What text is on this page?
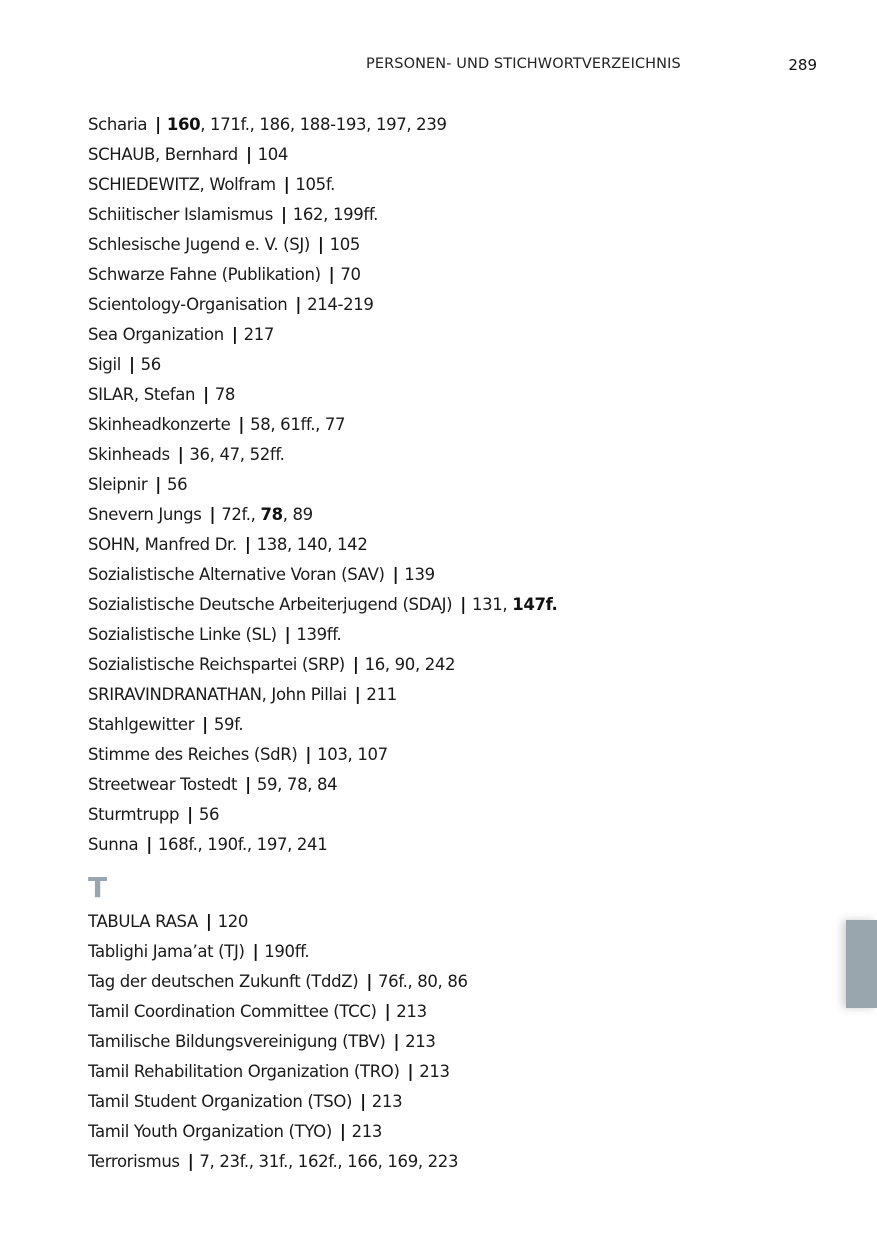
PERSONEN- UND STICHWORTVERZEICHNIS	289
Scharia | 160, 171f., 186, 188-193, 197, 239
SCHAUB, Bernhard | 104
SCHIEDEWITZ, Wolfram | 105f.
Schiitischer Islamismus | 162, 199ff.
Schlesische Jugend e. V. (SJ) | 105
Schwarze Fahne (Publikation) | 70
Scientology-Organisation | 214-219
Sea Organization | 217
Sigil | 56
SILAR, Stefan | 78
Skinheadkonzerte | 58, 61ff., 77
Skinheads | 36, 47, 52ff.
Sleipnir | 56
Snevern Jungs | 72f., 78, 89
SOHN, Manfred Dr. | 138, 140, 142
Sozialistische Alternative Voran (SAV) | 139
Sozialistische Deutsche Arbeiterjugend (SDAJ) | 131, 147f.
Sozialistische Linke (SL) | 139ff.
Sozialistische Reichspartei (SRP) | 16, 90, 242
SRIRAVINDRANATHAN, John Pillai | 211
Stahlgewitter | 59f.
Stimme des Reiches (SdR) | 103, 107
Streetwear Tostedt | 59, 78, 84
Sturmtrupp | 56
Sunna | 168f., 190f., 197, 241
T
TABULA RASA | 120
Tablighi Jama’at (TJ) | 190ff.
Tag der deutschen Zukunft (TddZ) | 76f., 80, 86
Tamil Coordination Committee (TCC) | 213
Tamilische Bildungsvereinigung (TBV) | 213
Tamil Rehabilitation Organization (TRO) | 213
Tamil Student Organization (TSO) | 213
Tamil Youth Organization (TYO) | 213
Terrorismus | 7, 23f., 31f., 162f., 166, 169, 223
